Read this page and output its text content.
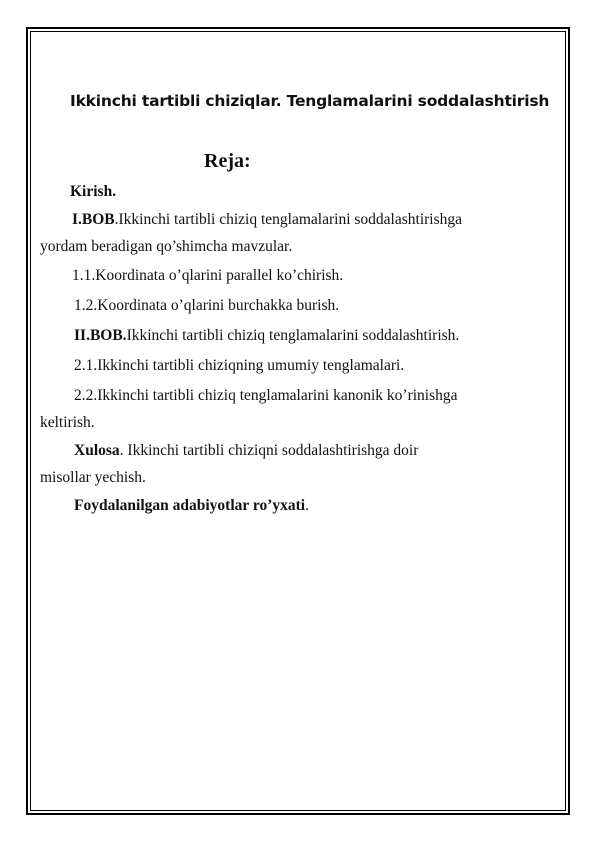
Ikkinchi tartibli chiziqlar. Tenglamalarini soddalashtirish
Reja:
Kirish.
I.BOB.Ikkinchi tartibli chiziq tenglamalarini soddalashtirishga
yordam beradigan qo’shimcha mavzular.
1.1.Koordinata o’qlarini parallel ko’chirish.
1.2.Koordinata o’qlarini burchakka burish.
II.BOB.Ikkinchi tartibli chiziq tenglamalarini soddalashtirish.
2.1.Ikkinchi tartibli chiziqning umumiy tenglamalari.
2.2.Ikkinchi tartibli chiziq tenglamalarini kanonik ko’rinishga
keltirish.
Xulosa. Ikkinchi tartibli chiziqni soddalashtirishga doir
misollar yechish.
Foydalanilgan adabiyotlar ro’yxati.
